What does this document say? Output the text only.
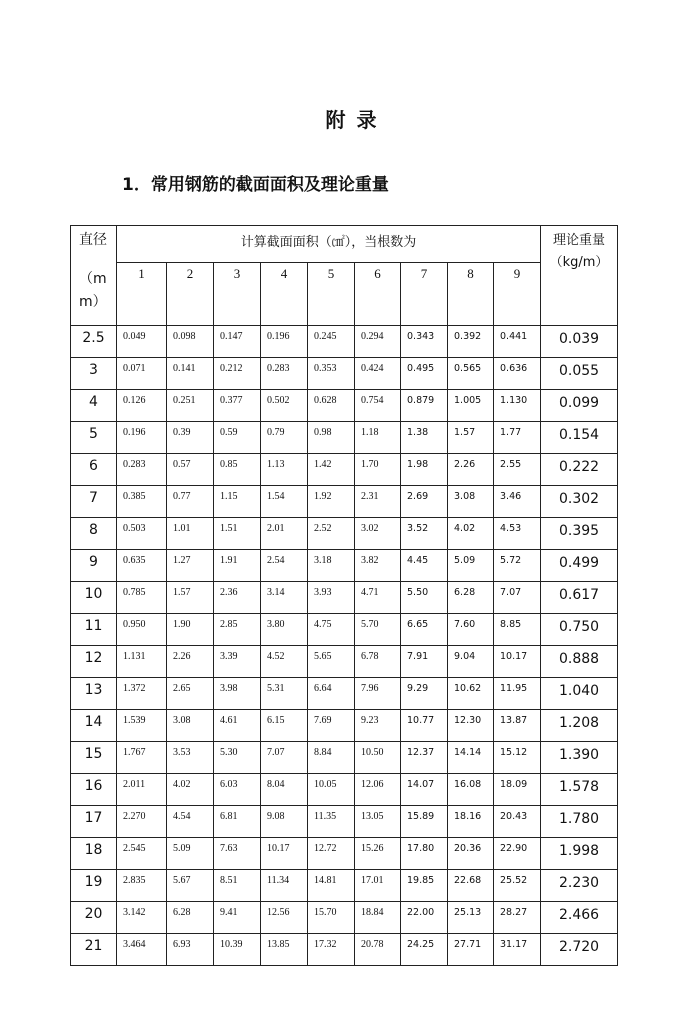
附 录
1．常用钢筋的截面面积及理论重量
直径
（m
m）	计算截面面积（㎠），当根数为									理论重量
（kg/m）

	1	2	3	4	5	6	7	8	9	
2.5	0.049	0.098	0.147	0.196	0.245	0.294	0.343	0.392	0.441	0.039
3	0.071	0.141	0.212	0.283	0.353	0.424	0.495	0.565	0.636	0.055
4	0.126	0.251	0.377	0.502	0.628	0.754	0.879	1.005	1.130	0.099
5	0.196	0.39	0.59	0.79	0.98	1.18	1.38	1.57	1.77	0.154
6	0.283	0.57	0.85	1.13	1.42	1.70	1.98	2.26	2.55	0.222
7	0.385	0.77	1.15	1.54	1.92	2.31	2.69	3.08	3.46	0.302
8	0.503	1.01	1.51	2.01	2.52	3.02	3.52	4.02	4.53	0.395
9	0.635	1.27	1.91	2.54	3.18	3.82	4.45	5.09	5.72	0.499
10	0.785	1.57	2.36	3.14	3.93	4.71	5.50	6.28	7.07	0.617
11	0.950	1.90	2.85	3.80	4.75	5.70	6.65	7.60	8.85	0.750
12	1.131	2.26	3.39	4.52	5.65	6.78	7.91	9.04	10.17	0.888
13	1.372	2.65	3.98	5.31	6.64	7.96	9.29	10.62	11.95	1.040
14	1.539	3.08	4.61	6.15	7.69	9.23	10.77	12.30	13.87	1.208
15	1.767	3.53	5.30	7.07	8.84	10.50	12.37	14.14	15.12	1.390
16	2.011	4.02	6.03	8.04	10.05	12.06	14.07	16.08	18.09	1.578
17	2.270	4.54	6.81	9.08	11.35	13.05	15.89	18.16	20.43	1.780
18	2.545	5.09	7.63	10.17	12.72	15.26	17.80	20.36	22.90	1.998
19	2.835	5.67	8.51	11.34	14.81	17.01	19.85	22.68	25.52	2.230
20	3.142	6.28	9.41	12.56	15.70	18.84	22.00	25.13	28.27	2.466
21	3.464	6.93	10.39	13.85	17.32	20.78	24.25	27.71	31.17	2.720
